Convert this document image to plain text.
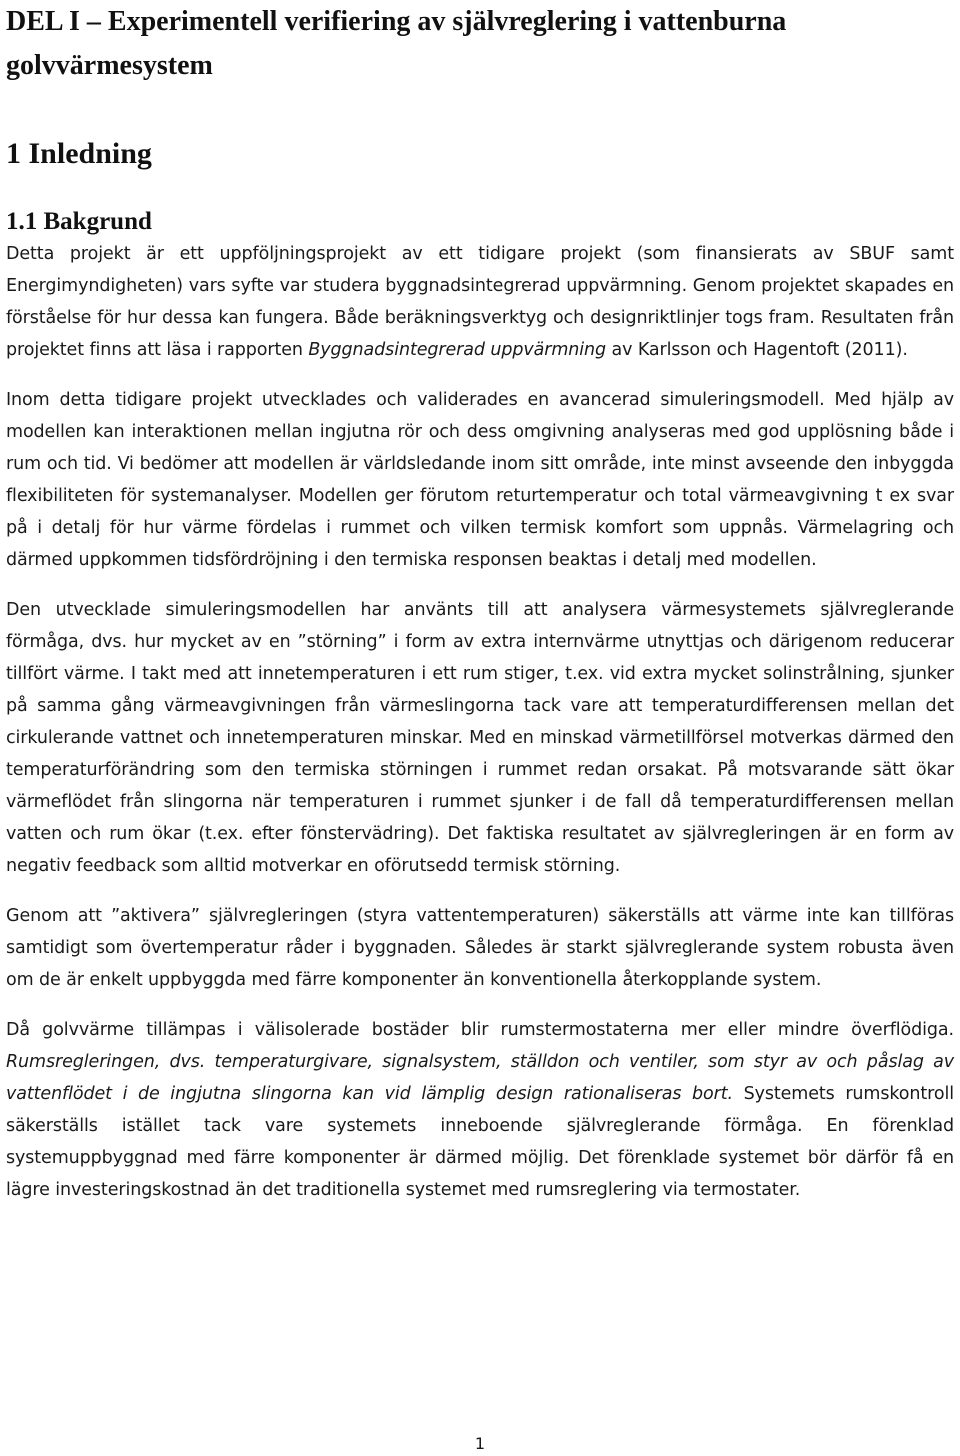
DEL I – Experimentell verifiering av självreglering i vattenburna golvvärmesystem
1 Inledning
1.1 Bakgrund

Detta projekt är ett uppföljningsprojekt av ett tidigare projekt (som finansierats av SBUF samt Energimyndigheten) vars syfte var studera byggnadsintegrerad uppvärmning. Genom projektet skapades en förståelse för hur dessa kan fungera. Både beräkningsverktyg och designriktlinjer togs fram. Resultaten från projektet finns att läsa i rapporten Byggnadsintegrerad uppvärmning av Karlsson och Hagentoft (2011).

Inom detta tidigare projekt utvecklades och validerades en avancerad simuleringsmodell. Med hjälp av modellen kan interaktionen mellan ingjutna rör och dess omgivning analyseras med god upplösning både i rum och tid. Vi bedömer att modellen är världsledande inom sitt område, inte minst avseende den inbyggda flexibiliteten för systemanalyser. Modellen ger förutom returtemperatur och total värmeavgivning t ex svar på i detalj för hur värme fördelas i rummet och vilken termisk komfort som uppnås. Värmelagring och därmed uppkommen tidsfördröjning i den termiska responsen beaktas i detalj med modellen.

Den utvecklade simuleringsmodellen har använts till att analysera värmesystemets självreglerande förmåga, dvs. hur mycket av en ”störning” i form av extra internvärme utnyttjas och därigenom reducerar tillfört värme. I takt med att innetemperaturen i ett rum stiger, t.ex. vid extra mycket solinstrålning, sjunker på samma gång värmeavgivningen från värmeslingorna tack vare att temperaturdifferensen mellan det cirkulerande vattnet och innetemperaturen minskar. Med en minskad värmetillförsel motverkas därmed den temperaturförändring som den termiska störningen i rummet redan orsakat. På motsvarande sätt ökar värmeflödet från slingorna när temperaturen i rummet sjunker i de fall då temperaturdifferensen mellan vatten och rum ökar (t.ex. efter fönstervädring). Det faktiska resultatet av självregleringen är en form av negativ feedback som alltid motverkar en oförutsedd termisk störning.

Genom att ”aktivera” självregleringen (styra vattentemperaturen) säkerställs att värme inte kan tillföras samtidigt som övertemperatur råder i byggnaden. Således är starkt självreglerande system robusta även om de är enkelt uppbyggda med färre komponenter än konventionella återkopplande system.

Då golvvärme tillämpas i välisolerade bostäder blir rumstermostaterna mer eller mindre överflödiga. Rumsregleringen, dvs. temperaturgivare, signalsystem, ställdon och ventiler, som styr av och påslag av vattenflödet i de ingjutna slingorna kan vid lämplig design rationaliseras bort. Systemets rumskontroll säkerställs istället tack vare systemets inneboende självreglerande förmåga. En förenklad systemuppbyggnad med färre komponenter är därmed möjlig. Det förenklade systemet bör därför få en lägre investeringskostnad än det traditionella systemet med rumsreglering via termostater.

1
